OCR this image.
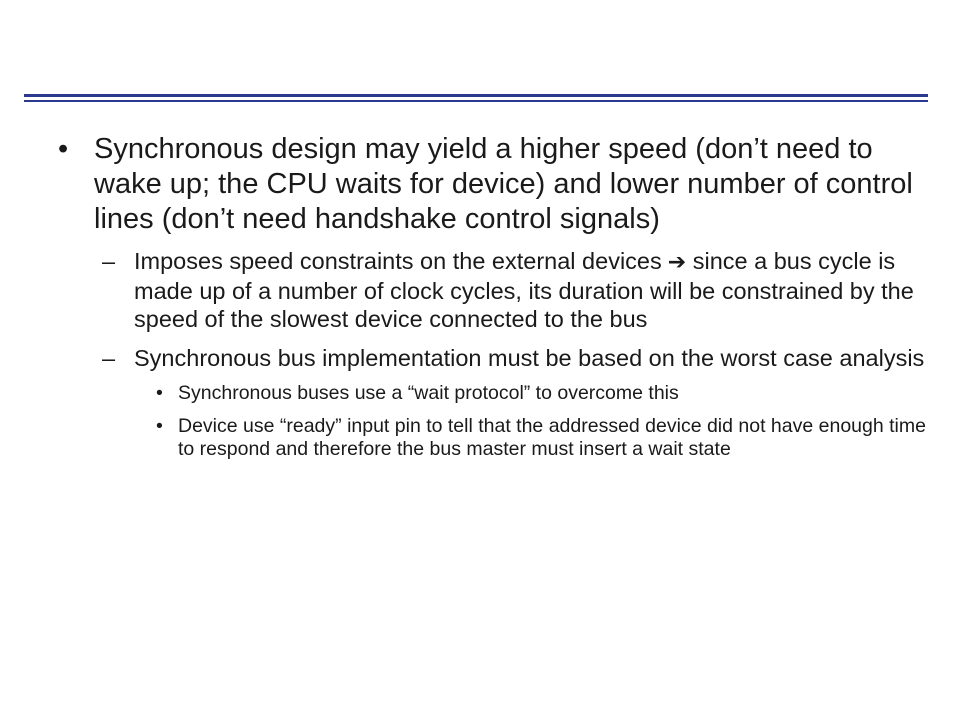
• Synchronous design may yield a higher speed (don’t need to wake up; the CPU waits for device) and lower number of control lines (don’t need handshake control signals)
– Imposes speed constraints on the external devices ➔ since a bus cycle is made up of a number of clock cycles, its duration will be constrained by the speed of the slowest device connected to the bus
– Synchronous bus implementation must be based on the worst case analysis
• Synchronous buses use a “wait protocol” to overcome this
• Device use “ready” input pin to tell that the addressed device did not have enough time to respond and therefore the bus master must insert a wait state
